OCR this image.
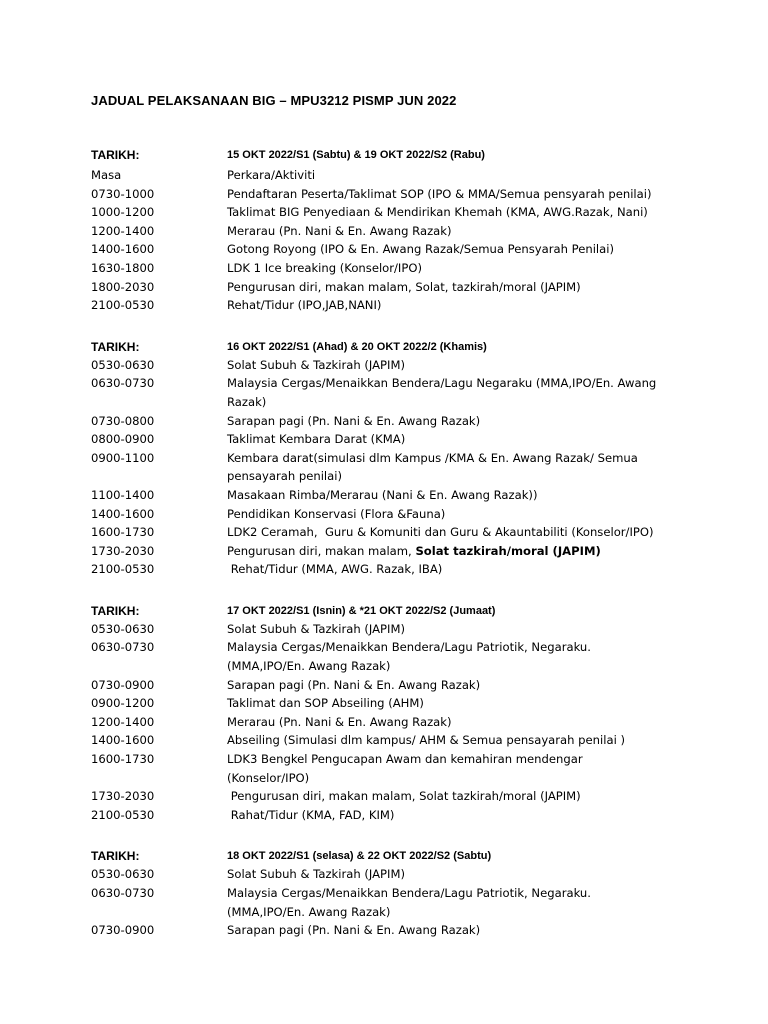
JADUAL PELAKSANAAN BIG – MPU3212 PISMP JUN 2022
TARIKH:	15 OKT 2022/S1 (Sabtu) & 19 OKT 2022/S2 (Rabu)
Masa	Perkara/Aktiviti
0730-1000	Pendaftaran Peserta/Taklimat SOP (IPO & MMA/Semua pensyarah penilai)
1000-1200	Taklimat BIG Penyediaan & Mendirikan Khemah (KMA, AWG.Razak, Nani)
1200-1400	Merarau (Pn. Nani & En. Awang Razak)
1400-1600	Gotong Royong (IPO & En. Awang Razak/Semua Pensyarah Penilai)
1630-1800	LDK 1 Ice breaking (Konselor/IPO)
1800-2030	Pengurusan diri, makan malam, Solat, tazkirah/moral (JAPIM)
2100-0530	Rehat/Tidur (IPO,JAB,NANI)
TARIKH:	16 OKT 2022/S1 (Ahad) & 20 OKT 2022/2 (Khamis)
0530-0630	Solat Subuh & Tazkirah (JAPIM)
0630-0730	Malaysia Cergas/Menaikkan Bendera/Lagu Negaraku (MMA,IPO/En. Awang Razak)
0730-0800	Sarapan pagi (Pn. Nani & En. Awang Razak)
0800-0900	Taklimat Kembara Darat (KMA)
0900-1100	Kembara darat(simulasi dlm Kampus /KMA & En. Awang Razak/ Semua pensayarah penilai)
1100-1400	Masakaan Rimba/Merarau (Nani & En. Awang Razak))
1400-1600	Pendidikan Konservasi (Flora &Fauna)
1600-1730	LDK2 Ceramah,  Guru & Komuniti dan Guru & Akauntabiliti (Konselor/IPO)
1730-2030	Pengurusan diri, makan malam, Solat tazkirah/moral (JAPIM)
2100-0530	Rehat/Tidur (MMA, AWG. Razak, IBA)
TARIKH:	17 OKT 2022/S1 (Isnin) & *21 OKT 2022/S2 (Jumaat)
0530-0630	Solat Subuh & Tazkirah (JAPIM)
0630-0730	Malaysia Cergas/Menaikkan Bendera/Lagu Patriotik, Negaraku. (MMA,IPO/En. Awang Razak)
0730-0900	Sarapan pagi (Pn. Nani & En. Awang Razak)
0900-1200	Taklimat dan SOP Abseiling (AHM)
1200-1400	Merarau (Pn. Nani & En. Awang Razak)
1400-1600	Abseiling (Simulasi dlm kampus/ AHM & Semua pensayarah penilai )
1600-1730	LDK3 Bengkel Pengucapan Awam dan kemahiran mendengar (Konselor/IPO)
1730-2030	Pengurusan diri, makan malam, Solat tazkirah/moral (JAPIM)
2100-0530	Rahat/Tidur (KMA, FAD, KIM)
TARIKH:	18 OKT 2022/S1 (selasa) & 22 OKT 2022/S2 (Sabtu)
0530-0630	Solat Subuh & Tazkirah (JAPIM)
0630-0730	Malaysia Cergas/Menaikkan Bendera/Lagu Patriotik, Negaraku. (MMA,IPO/En. Awang Razak)
0730-0900	Sarapan pagi (Pn. Nani & En. Awang Razak)
